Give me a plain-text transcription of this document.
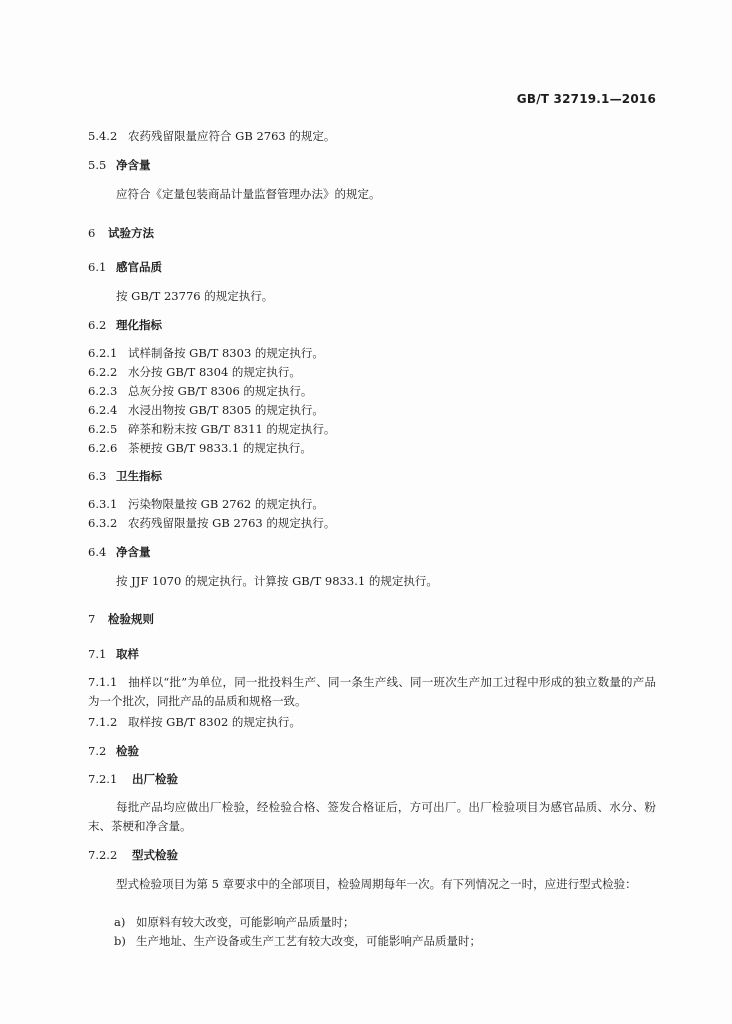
GB/T 32719.1—2016
5.4.2 农药残留限量应符合 GB 2763 的规定。
5.5 净含量
应符合《定量包装商品计量监督管理办法》的规定。
6 试验方法
6.1 感官品质
按 GB/T 23776 的规定执行。
6.2 理化指标
6.2.1 试样制备按 GB/T 8303 的规定执行。
6.2.2 水分按 GB/T 8304 的规定执行。
6.2.3 总灰分按 GB/T 8306 的规定执行。
6.2.4 水浸出物按 GB/T 8305 的规定执行。
6.2.5 碎茶和粉末按 GB/T 8311 的规定执行。
6.2.6 茶梗按 GB/T 9833.1 的规定执行。
6.3 卫生指标
6.3.1 污染物限量按 GB 2762 的规定执行。
6.3.2 农药残留限量按 GB 2763 的规定执行。
6.4 净含量
按 JJF 1070 的规定执行。计算按 GB/T 9833.1 的规定执行。
7 检验规则
7.1 取样
7.1.1 抽样以“批”为单位，同一批投料生产、同一条生产线、同一班次生产加工过程中形成的独立数量的产品为一个批次，同批产品的品质和规格一致。
7.1.2 取样按 GB/T 8302 的规定执行。
7.2 检验
7.2.1 出厂检验
每批产品均应做出厂检验，经检验合格、签发合格证后，方可出厂。出厂检验项目为感官品质、水分、粉末、茶梗和净含量。
7.2.2 型式检验
型式检验项目为第 5 章要求中的全部项目，检验周期每年一次。有下列情况之一时，应进行型式检验：
a) 如原料有较大改变，可能影响产品质量时；
b) 生产地址、生产设备或生产工艺有较大改变，可能影响产品质量时；
